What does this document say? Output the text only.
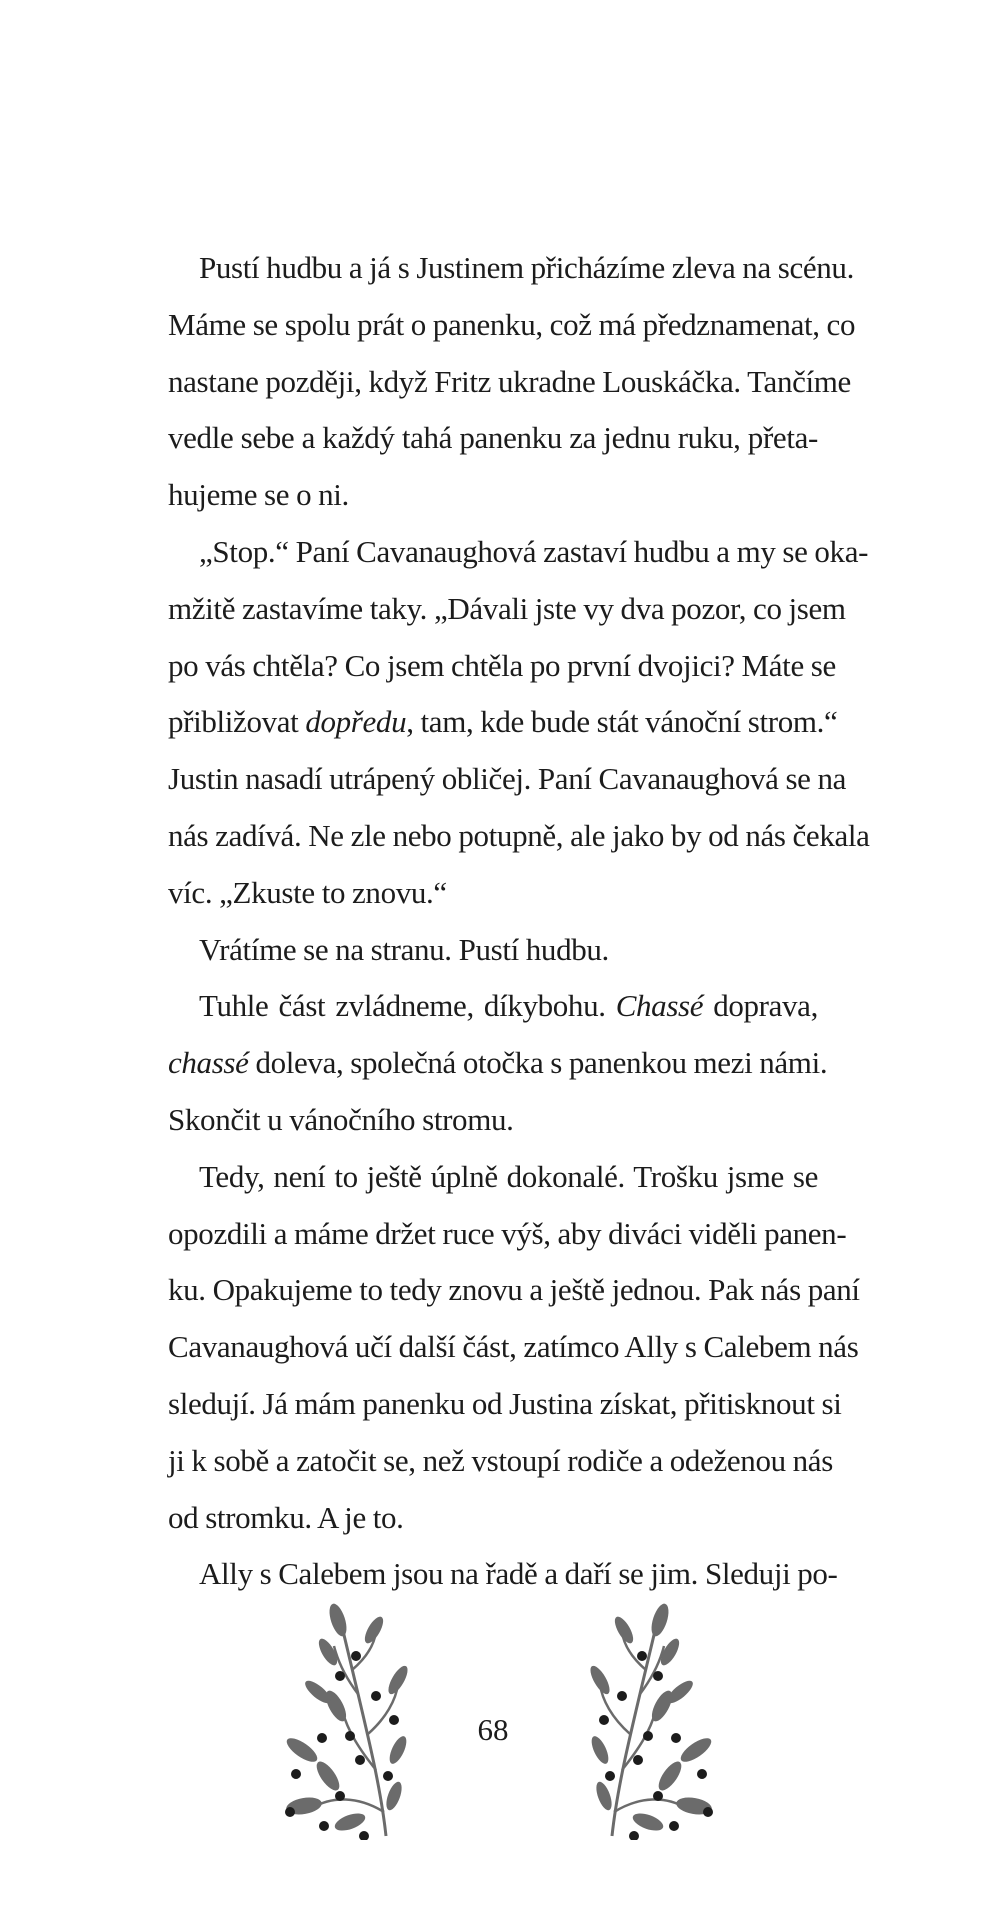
Pustí hudbu a já s Justinem přicházíme zleva na scénu.
Máme se spolu prát o panenku, což má předznamenat, co
nastane později, když Fritz ukradne Louskáčka. Tančíme
vedle sebe a každý tahá panenku za jednu ruku, přeta-
hujeme se o ni.

„Stop.“ Paní Cavanaughová zastaví hudbu a my se oka-
mžitě zastavíme taky. „Dávali jste vy dva pozor, co jsem
po vás chtěla? Co jsem chtěla po první dvojici? Máte se
přibližovat dopředu, tam, kde bude stát vánoční strom.“
Justin nasadí utrápený obličej. Paní Cavanaughová se na
nás zadívá. Ne zle nebo potupně, ale jako by od nás čekala
víc. „Zkuste to znovu.“

Vrátíme se na stranu. Pustí hudbu.

Tuhle část zvládneme, díkybohu. Chassé doprava,
chassé doleva, společná otočka s panenkou mezi námi.
Skončit u vánočního stromu.

Tedy, není to ještě úplně dokonalé. Trošku jsme se
opozdili a máme držet ruce výš, aby diváci viděli panen-
ku. Opakujeme to tedy znovu a ještě jednou. Pak nás paní
Cavanaughová učí další část, zatímco Ally s Calebem nás
sledují. Já mám panenku od Justina získat, přitisknout si
ji k sobě a zatočit se, než vstoupí rodiče a odeženou nás
od stromku. A je to.

Ally s Calebem jsou na řadě a daří se jim. Sleduji po-

68
